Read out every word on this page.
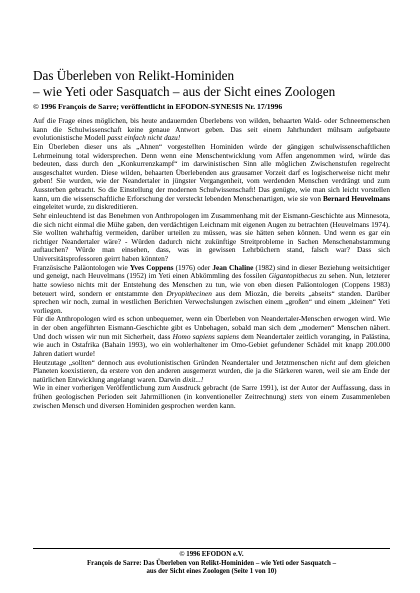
Das Überleben von Relikt-Hominiden
– wie Yeti oder Sasquatch – aus der Sicht eines Zoologen
© 1996 François de Sarre; veröffentlicht in EFODON-SYNESIS Nr. 17/1996

Auf die Frage eines möglichen, bis heute andauernden Überlebens von wilden, behaarten Wald- oder Schneemenschen kann die Schulwissenschaft keine genaue Antwort geben. Das seit einem Jahrhundert mühsam aufgebaute evolutionistische Modell passt einfach nicht dazu!

Ein Überleben dieser uns als „Ahnen“ vorgestellten Hominiden würde der gängigen schulwissenschaftlichen Lehrmeinung total widersprechen. Denn wenn eine Menschentwicklung vom Affen angenommen wird, würde das bedeuten, dass durch den „Konkurrenzkampf“ im darwinistischen Sinn alle möglichen Zwischenstufen regelrecht ausgeschaltet wurden. Diese wilden, behaarten Überlebenden aus grausamer Vorzeit darf es logischerweise nicht mehr geben! Sie wurden, wie der Neandertaler in jüngster Vergangenheit, vom werdenden Menschen verdrängt und zum Aussterben gebracht. So die Einstellung der modernen Schulwissenschaft! Das genügte, wie man sich leicht vorstellen kann, um die wissenschaftliche Erforschung der versteckt lebenden Menschenartigen, wie sie von Bernard Heuvelmans eingeleitet wurde, zu diskreditieren.

Sehr einleuchtend ist das Benehmen von Anthropologen im Zusammenhang mit der Eismann-Geschichte aus Minnesota, die sich nicht einmal die Mühe gaben, den verdächtigen Leichnam mit eigenen Augen zu betrachten (Heuvelmans 1974). Sie wollten wahrhaftig vermeiden, darüber urteilen zu müssen, was sie hätten sehen können. Und wenn es gar ein richtiger Neandertaler wäre? - Würden dadurch nicht zukünftige Streitprobleme in Sachen Menschenabstammung auftauchen? Würde man einsehen, dass, was in gewissen Lehrbüchern stand, falsch war? Dass sich Universitätsprofessoren geirrt haben könnten?

Französische Paläontologen wie Yves Coppens (1976) oder Jean Chaline (1982) sind in dieser Beziehung weitsichtiger und geneigt, nach Heuvelmans (1952) im Yeti einen Abkömmling des fossilen Gigantopithecus zu sehen. Nun, letzterer hatte sowieso nichts mit der Entstehung des Menschen zu tun, wie von eben diesen Paläontologen (Coppens 1983) beteuert wird, sondern er entstammte den Dryopithecinen aus dem Miozän, die bereits „abseits“ standen. Darüber sprechen wir noch, zumal in westlichen Berichten Verwechslungen zwischen einem „großen“ und einem „kleinen“ Yeti vorliegen.

Für die Anthropologen wird es schon unbequemer, wenn ein Überleben von Neandertaler-Menschen erwogen wird. Wie in der oben angeführten Eismann-Geschichte gibt es Unbehagen, sobald man sich dem „modernen“ Menschen nähert. Und doch wissen wir nun mit Sicherheit, dass Homo sapiens sapiens dem Neandertaler zeitlich voranging, in Palästina, wie auch in Ostafrika (Bahain 1993), wo ein wohlerhaltener im Omo-Gebiet gefundener Schädel mit knapp 200.000 Jahren datiert wurde!

Heutzutage „sollten“ dennoch aus evolutionistischen Gründen Neandertaler und Jetztmenschen nicht auf dem gleichen Planeten koexistieren, da erstere von den anderen ausgemerzt wurden, die ja die Stärkeren waren, weil sie am Ende der natürlichen Entwicklung angelangt waren. Darwin dixit...!

Wie in einer vorherigen Veröffentlichung zum Ausdruck gebracht (de Sarre 1991), ist der Autor der Auffassung, dass in frühen geologischen Perioden seit Jahrmillionen (in konventioneller Zeitrechnung) stets von einem Zusammenleben zwischen Mensch und diversen Hominiden gesprochen werden kann.

© 1996 EFODON e.V.
François de Sarre: Das Überleben von Relikt-Hominiden – wie Yeti oder Sasquatch –
aus der Sicht eines Zoologen (Seite 1 von 10)
